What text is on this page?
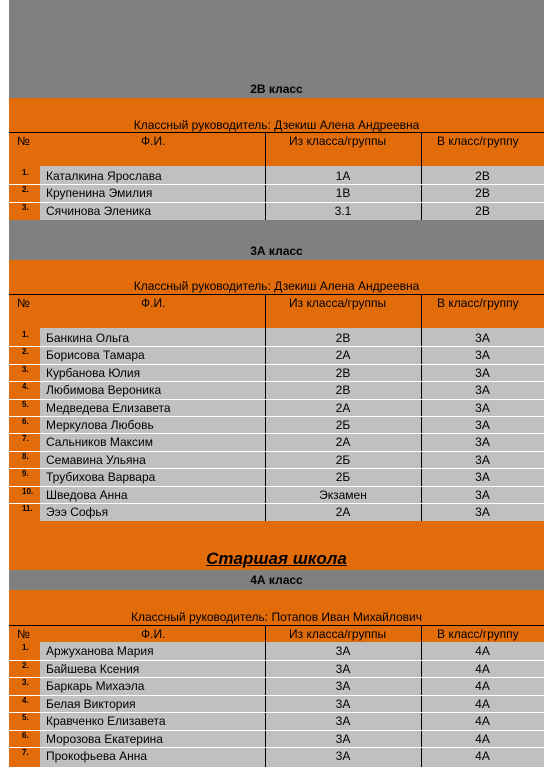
2В класс
Классный руководитель: Дзекиш Алена Андреевна
№	Ф.И.	Из класса/группы	В класс/группу
1. Каталкина Ярослава	1А	2В
2. Крупенина Эмилия	1В	2В
3. Сячинова Эленика	3.1	2В
3А класс
Классный руководитель: Дзекиш Алена Андреевна
№	Ф.И.	Из класса/группы	В класс/группу
1. Банкина Ольга	2В	3А
2. Борисова Тамара	2А	3А
3. Курбанова Юлия	2В	3А
4. Любимова Вероника	2В	3А
5. Медведева Елизавета	2А	3А
6. Меркулова Любовь	2Б	3А
7. Сальников Максим	2А	3А
8. Семавина Ульяна	2Б	3А
9. Трубихова Варвара	2Б	3А
10. Шведова Анна	Экзамен	3А
11. Эээ Софья	2А	3А
Старшая школа
4А класс
Классный руководитель: Потапов Иван Михайлович
№	Ф.И.	Из класса/группы	В класс/группу
1. Аржуханова Мария	3А	4А
2. Байшева Ксения	3А	4А
3. Баркарь Михаэла	3А	4А
4. Белая Виктория	3А	4А
5. Кравченко Елизавета	3А	4А
6. Морозова Екатерина	3А	4А
7. Прокофьева Анна	3А	4А
